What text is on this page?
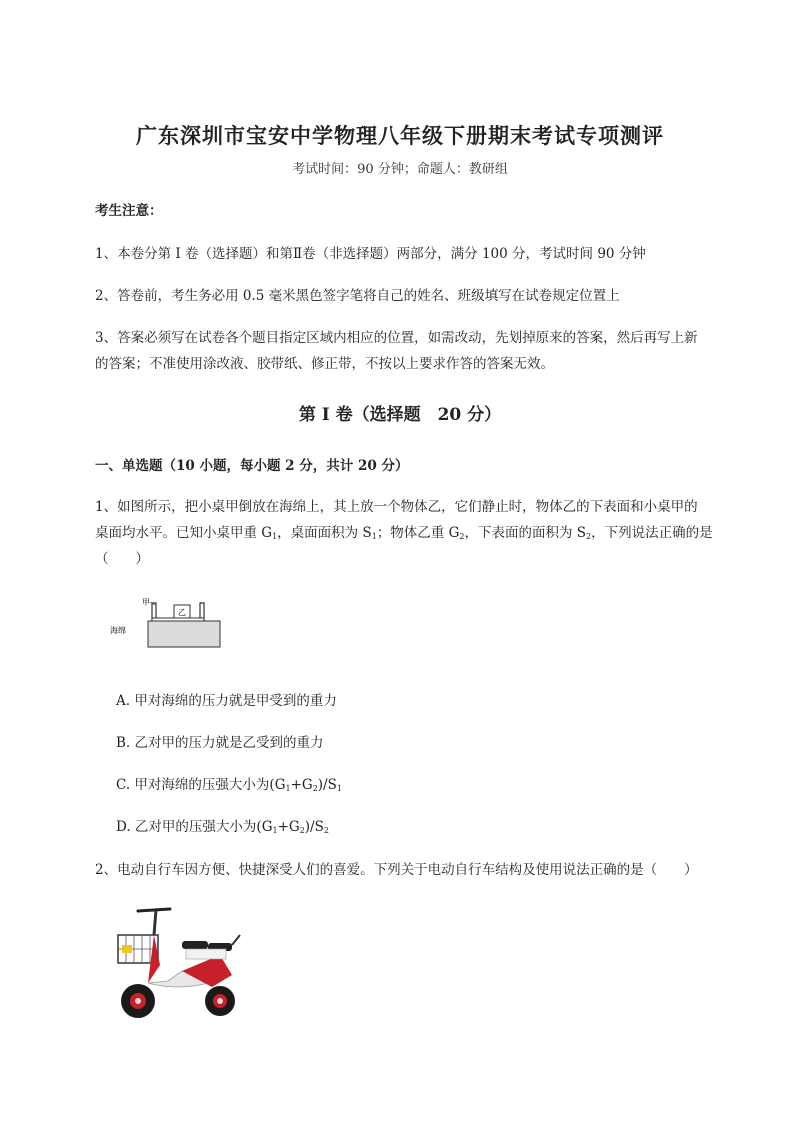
广东深圳市宝安中学物理八年级下册期末考试专项测评
考试时间：90 分钟；命题人：教研组
考生注意：
1、本卷分第 I 卷（选择题）和第Ⅱ卷（非选择题）两部分，满分 100 分，考试时间 90 分钟
2、答卷前，考生务必用 0.5 毫米黑色签字笔将自己的姓名、班级填写在试卷规定位置上
3、答案必须写在试卷各个题目指定区域内相应的位置，如需改动，先划掉原来的答案，然后再写上新
的答案；不准使用涂改液、胶带纸、修正带，不按以上要求作答的答案无效。
第 I 卷（选择题　20 分）
一、单选题（10 小题，每小题 2 分，共计 20 分）
1、如图所示，把小桌甲倒放在海绵上，其上放一个物体乙，它们静止时，物体乙的下表面和小桌甲的
桌面均水平。已知小桌甲重 $G_1$，桌面面积为 $S_1$；物体乙重 $G_2$，下表面的面积为 $S_2$，下列说法正确的是
（　　）
乙
甲
海绵
A. 甲对海绵的压力就是甲受到的重力
B. 乙对甲的压力就是乙受到的重力
C. 甲对海绵的压强大小为$(G_1+G_2)/S_1$
D. 乙对甲的压强大小为$(G_1+G_2)/S_2$
2、电动自行车因方便、快捷深受人们的喜爱。下列关于电动自行车结构及使用说法正确的是（　　）
